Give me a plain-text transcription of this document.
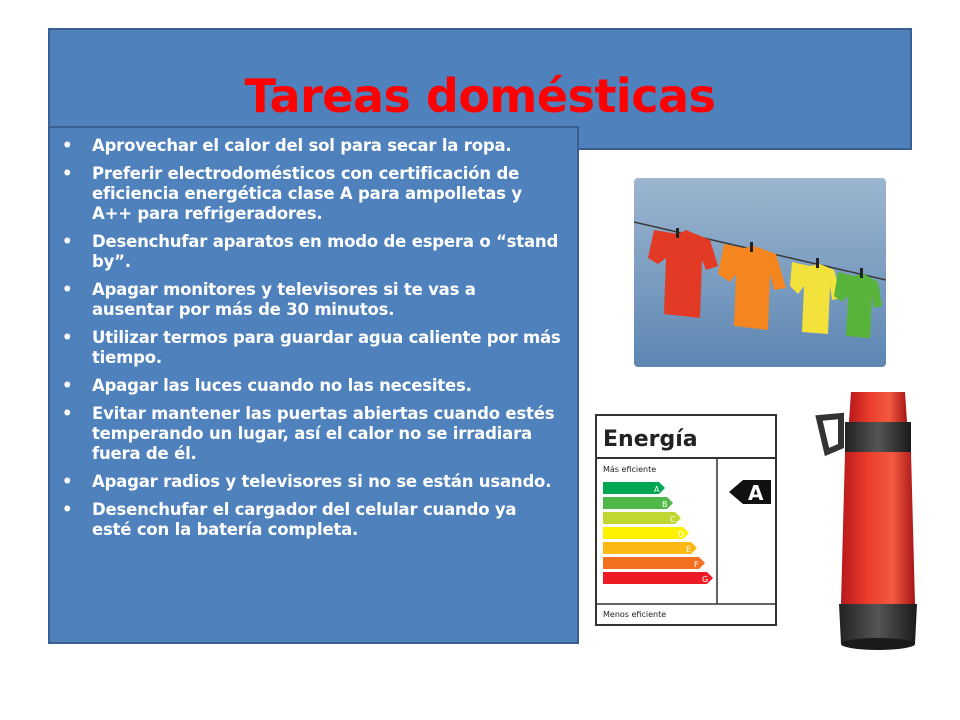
Tareas domésticas
• Aprovechar el calor del sol para secar la ropa.
• Preferir electrodomésticos con certificación de eficiencia energética clase A para ampolletas y A++ para refrigeradores.
• Desenchufar aparatos en modo de espera o “stand by”.
• Apagar monitores y televisores si te vas a ausentar por más de 30 minutos.
• Utilizar termos para guardar agua caliente por más tiempo.
• Apagar las luces cuando no las necesites.
• Evitar mantener las puertas abiertas cuando estés temperando un lugar, así el calor no se irradiara fuera de él.
• Apagar radios y televisores si no se están usando.
• Desenchufar el cargador del celular cuando ya esté con la batería completa.
Energía
Más eficiente
A
B
C
D
E
F
G
A
Menos eficiente
